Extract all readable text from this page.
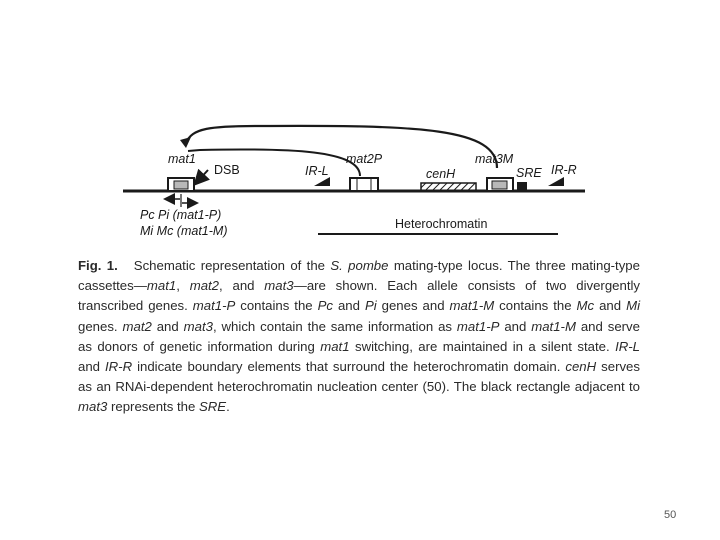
mat1
DSB	IR-L
mat2P
cenH
mat3M
SRE IR-R
Pc Pi (mat1-P)
Mi Mc (mat1-M)	Heterochromatin
Fig. 1. Schematic representation of the S. pombe mating-type locus. The three mating-type cassettes—mat1, mat2, and mat3—are shown. Each allele consists of two divergently transcribed genes. mat1-P contains the Pc and Pi genes and mat1-M contains the Mc and Mi genes. mat2 and mat3, which contain the same information as mat1-P and mat1-M and serve as donors of genetic information during mat1 switching, are maintained in a silent state. IR-L and IR-R indicate boundary elements that surround the heterochromatin domain. cenH serves as an RNAi-dependent heterochromatin nucleation center (50). The black rectangle adjacent to mat3 represents the SRE.
50
